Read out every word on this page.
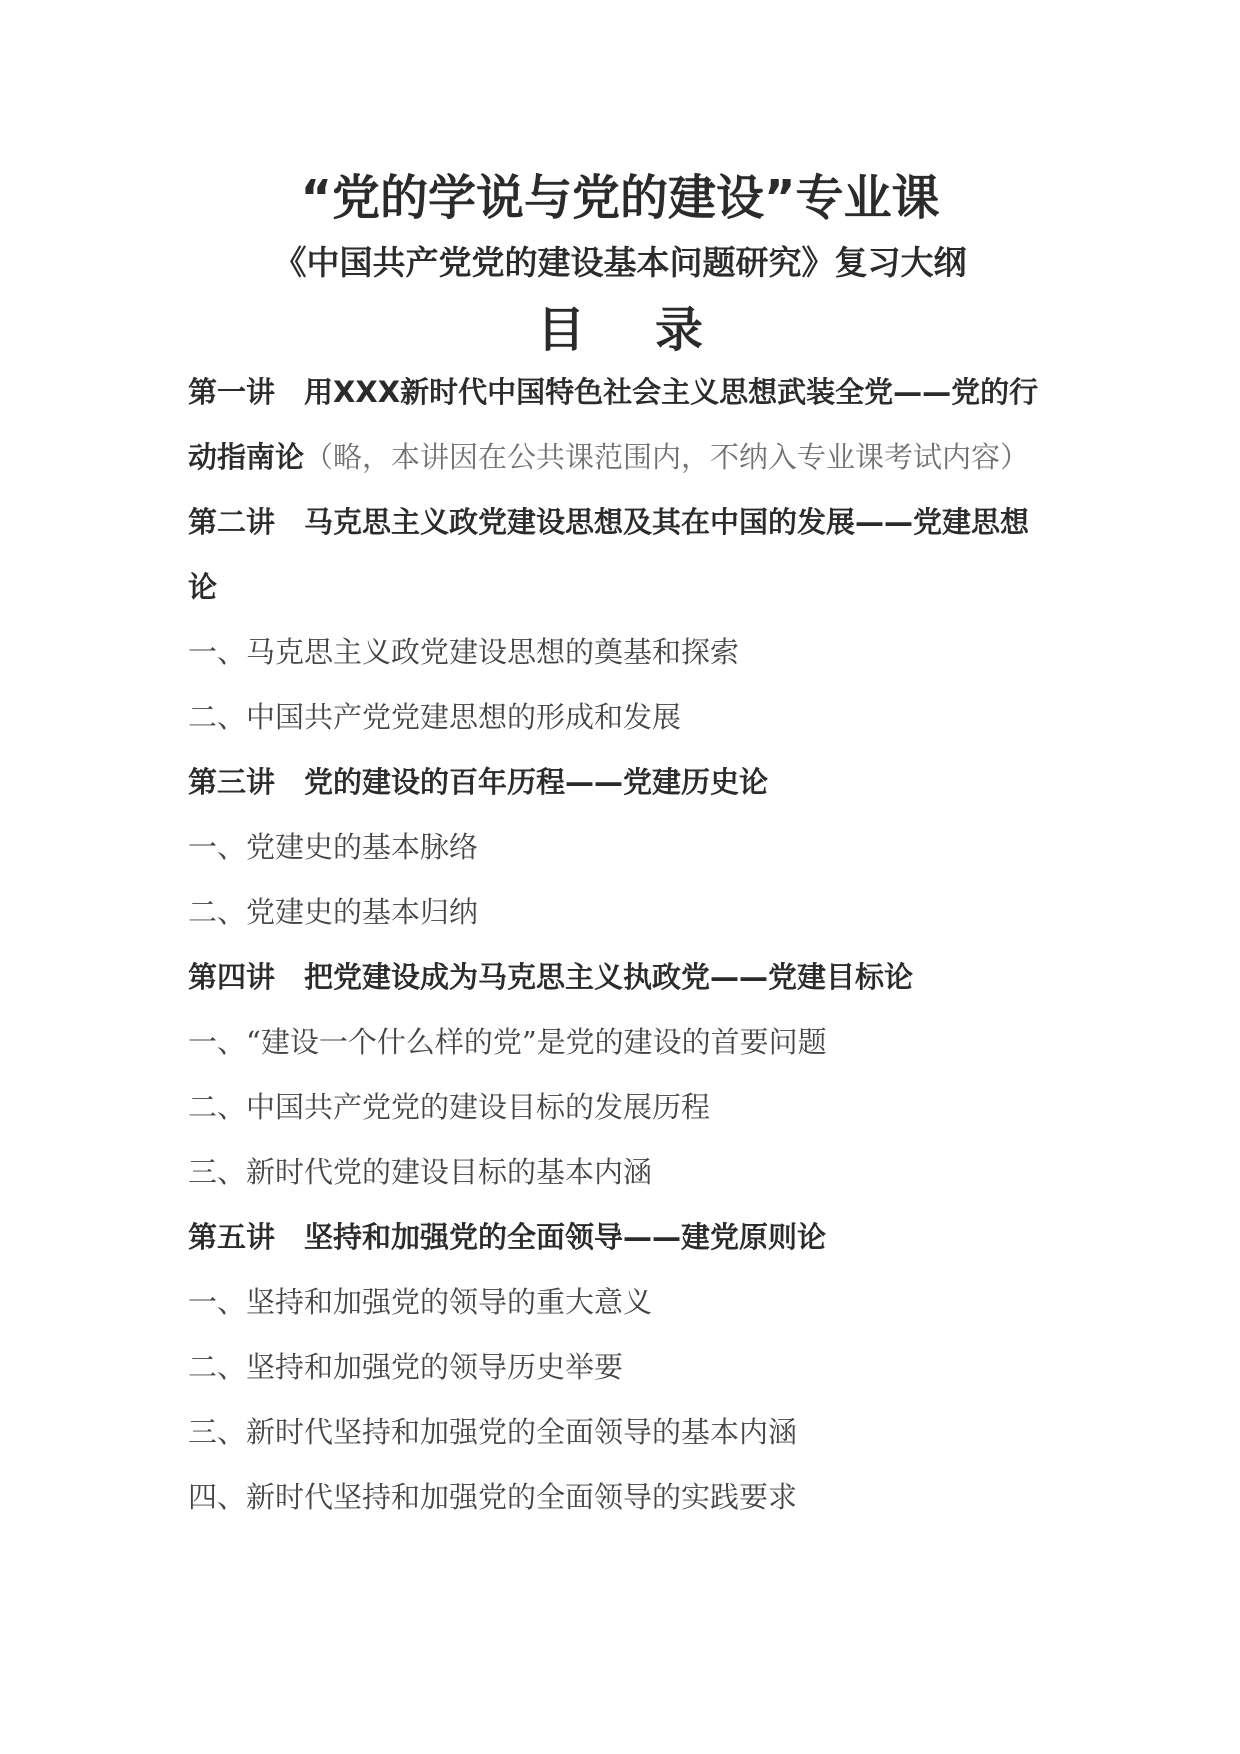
“党的学说与党的建设”专业课
《中国共产党党的建设基本问题研究》复习大纲
目录
第一讲 用XXX新时代中国特色社会主义思想武装全党——党的行动指南论（略，本讲因在公共课范围内，不纳入专业课考试内容）
第二讲 马克思主义政党建设思想及其在中国的发展——党建思想论
一、马克思主义政党建设思想的奠基和探索
二、中国共产党党建思想的形成和发展
第三讲 党的建设的百年历程——党建历史论
一、党建史的基本脉络
二、党建史的基本归纳
第四讲 把党建设成为马克思主义执政党——党建目标论
一、“建设一个什么样的党”是党的建设的首要问题
二、中国共产党党的建设目标的发展历程
三、新时代党的建设目标的基本内涵
第五讲 坚持和加强党的全面领导——建党原则论
一、坚持和加强党的领导的重大意义
二、坚持和加强党的领导历史举要
三、新时代坚持和加强党的全面领导的基本内涵
四、新时代坚持和加强党的全面领导的实践要求
